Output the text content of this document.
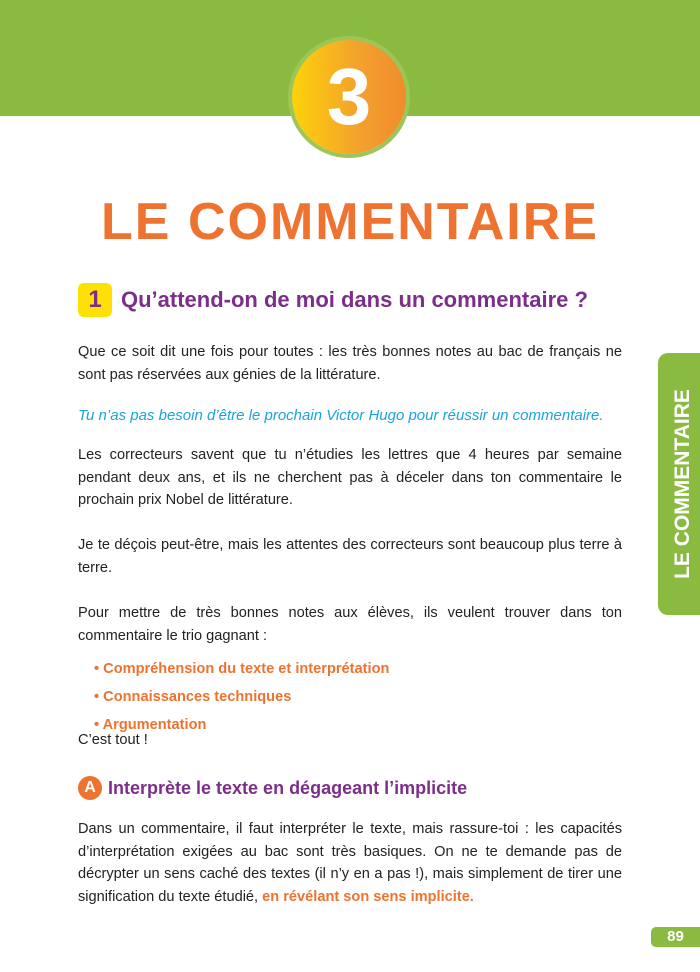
3
LE COMMENTAIRE
1 Qu’attend-on de moi dans un commentaire ?
Que ce soit dit une fois pour toutes : les très bonnes notes au bac de français ne sont pas réservées aux génies de la littérature.
Tu n’as pas besoin d’être le prochain Victor Hugo pour réussir un commentaire.
Les correcteurs savent que tu n’étudies les lettres que 4 heures par semaine pendant deux ans, et ils ne cherchent pas à déceler dans ton commentaire le prochain prix Nobel de littérature.
Je te déçois peut-être, mais les attentes des correcteurs sont beaucoup plus terre à terre.
Pour mettre de très bonnes notes aux élèves, ils veulent trouver dans ton commentaire le trio gagnant :
• Compréhension du texte et interprétation
• Connaissances techniques
• Argumentation
C’est tout !
A Interprète le texte en dégageant l’implicite
Dans un commentaire, il faut interpréter le texte, mais rassure-toi : les capacités d’interprétation exigées au bac sont très basiques. On ne te demande pas de décrypter un sens caché des textes (il n’y en a pas !), mais simplement de tirer une signification du texte étudié, en révélant son sens implicite.
LE COMMENTAIRE
89
